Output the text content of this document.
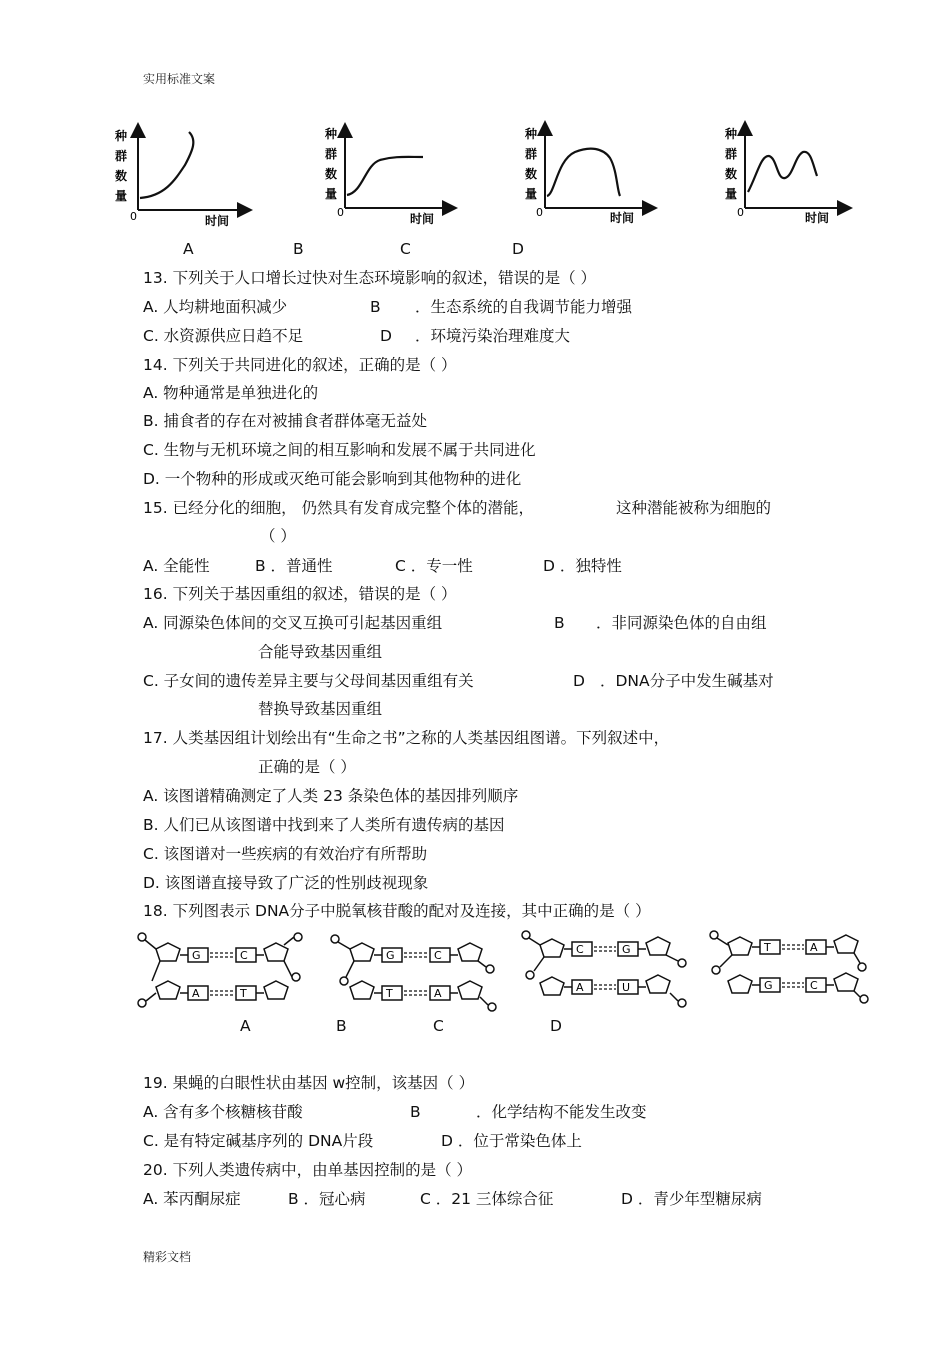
实用标准文案
种
群
数
量
0	时间
种
群
数
量
0	时间
种
群
数
量
0	时间
种
群
数
量
0	时间
A	B	C	D
13. 下列关于人口增长过快对生态环境影响的叙述，错误的是（ ）
A. 人均耕地面积减少	B ．生态系统的自我调节能力增强
C. 水资源供应日趋不足	D ．环境污染治理难度大
14. 下列关于共同进化的叙述，正确的是（ ）
A. 物种通常是单独进化的
B. 捕食者的存在对被捕食者群体毫无益处
C. 生物与无机环境之间的相互影响和发展不属于共同进化
D. 一个物种的形成或灭绝可能会影响到其他物种的进化
15. 已经分化的细胞， 仍然具有发育成完整个体的潜能，	这种潜能被称为细胞的
（ ）
A. 全能性	B ．普通性	C ．专一性	D ．独特性
16. 下列关于基因重组的叙述，错误的是（ ）
A. 同源染色体间的交叉互换可引起基因重组	B ．非同源染色体的自由组
合能导致基因重组
C. 子女间的遗传差异主要与父母间基因重组有关	D ．DNA分子中发生碱基对
替换导致基因重组
17. 人类基因组计划绘出有“生命之书”之称的人类基因组图谱。下列叙述中，
正确的是（ ）
A. 该图谱精确测定了人类 23 条染色体的基因排列顺序
B. 人们已从该图谱中找到来了人类所有遗传病的基因
C. 该图谱对一些疾病的有效治疗有所帮助
D. 该图谱直接导致了广泛的性别歧视现象
18. 下列图表示 DNA分子中脱氧核苷酸的配对及连接，其中正确的是（ ）
G	C
A	T
G	C
T	A
C	G
A	U
T	A
G	C
A	B	C	D
19. 果蝇的白眼性状由基因 w控制，该基因（ ）
A. 含有多个核糖核苷酸	B	．化学结构不能发生改变
C. 是有特定碱基序列的 DNA片段	D ．位于常染色体上
20. 下列人类遗传病中，由单基因控制的是（ ）
A. 苯丙酮尿症	B ．冠心病	C ．21 三体综合征	D ．青少年型糖尿病
精彩文档
